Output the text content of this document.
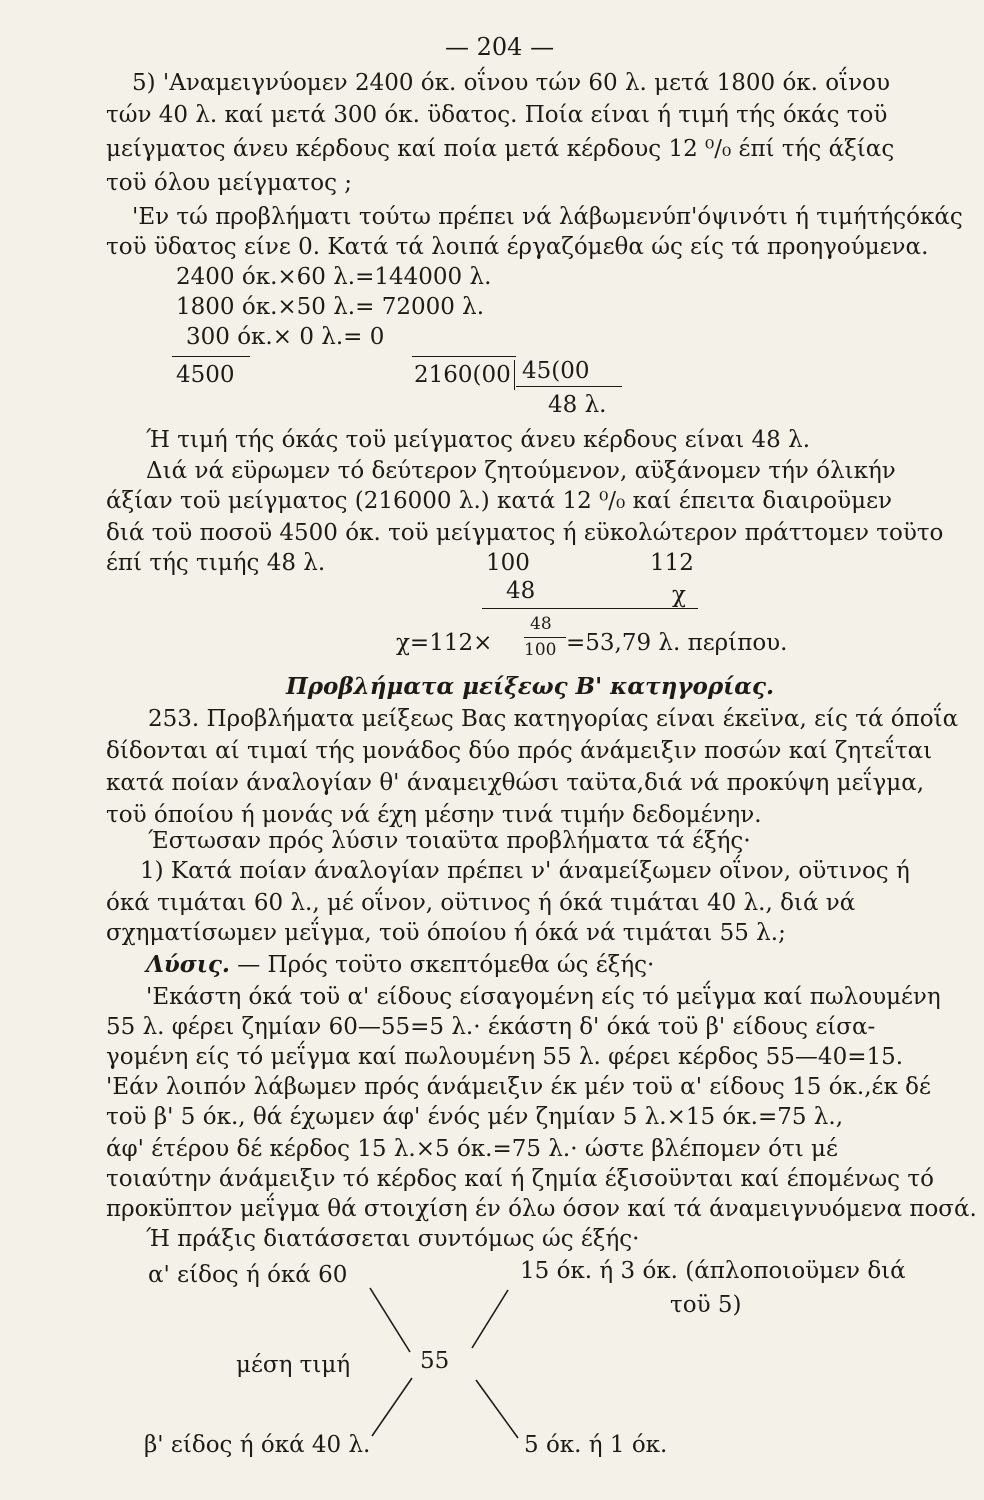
— 204 —
5) 'Αναμειγνύομεν 2400 όκ. οΐνου τών 60 λ. μετά 1800 όκ. οΐνου
τών 40 λ. καί μετά 300 όκ. ϋδατος. Ποία είναι ή τιμή τής όκάς τοϋ
μείγματος άνευ κέρδους καί ποία μετά κέρδους 12 ⁰/₀ έπί τής άξίας
τοϋ όλου μείγματος ;
'Εν τώ προβλήματι τούτω πρέπει νά λάβωμενύπ'όψινότι ή τιμήτήςόκάς
τοϋ ϋδατος είνε 0. Κατά τά λοιπά έργαζόμεθα ώς είς τά προηγούμενα.
2400 όκ.×60 λ.=144000 λ.
1800 όκ.×50 λ.= 72000 λ.
300 όκ.× 0 λ.= 0
4500	2160(00 45(00
48 λ.
Ή τιμή τής όκάς τοϋ μείγματος άνευ κέρδους είναι 48 λ.
Διά νά εϋρωμεν τό δεύτερον ζητούμενον, αϋξάνομεν τήν όλικήν
άξίαν τοϋ μείγματος (216000 λ.) κατά 12 ⁰/₀ καί έπειτα διαιροϋμεν
διά τοϋ ποσοϋ 4500 όκ. τοϋ μείγματος ή εϋκολώτερον πράττομεν τοϋτο
έπί τής τιμής 48 λ.	100	112
48	χ
χ=112×
48
100 =53,79 λ. περίπου.
Προβλήματα μείξεως Β' κατηγορίας.
253. Προβλήματα μείξεως Βας κατηγορίας είναι έκεϊνα, είς τά όποΐα
δίδονται αί τιμαί τής μονάδος δύο πρός άνάμειξιν ποσών καί ζητεΐται
κατά ποίαν άναλογίαν θ' άναμειχθώσι ταϋτα,διά νά προκύψη μεΐγμα,
τοϋ όποίου ή μονάς νά έχη μέσην τινά τιμήν δεδομένην.
Έστωσαν πρός λύσιν τοιαϋτα προβλήματα τά έξής·
1) Κατά ποίαν άναλογίαν πρέπει ν' άναμείξωμεν οΐνον, οϋτινος ή
όκά τιμάται 60 λ., μέ οΐνον, οϋτινος ή όκά τιμάται 40 λ., διά νά
σχηματίσωμεν μεΐγμα, τοϋ όποίου ή όκά νά τιμάται 55 λ.;
Λύσις. — Πρός τοϋτο σκεπτόμεθα ώς έξής·
'Εκάστη όκά τοϋ α' είδους είσαγομένη είς τό μεΐγμα καί πωλουμένη
55 λ. φέρει ζημίαν 60—55=5 λ.· έκάστη δ' όκά τοϋ β' είδους είσα-
γομένη είς τό μεΐγμα καί πωλουμένη 55 λ. φέρει κέρδος 55—40=15.
'Εάν λοιπόν λάβωμεν πρός άνάμειξιν έκ μέν τοϋ α' είδους 15 όκ.,έκ δέ
τοϋ β' 5 όκ., θά έχωμεν άφ' ένός μέν ζημίαν 5 λ.×15 όκ.=75 λ.,
άφ' έτέρου δέ κέρδος 15 λ.×5 όκ.=75 λ.· ώστε βλέπομεν ότι μέ
τοιαύτην άνάμειξιν τό κέρδος καί ή ζημία έξισοϋνται καί έπομένως τό
προκϋπτον μεΐγμα θά στοιχίση έν όλω όσον καί τά άναμειγνυόμενα ποσά.
Ή πράξις διατάσσεται συντόμως ώς έξής·
α' είδος ή όκά 60	15 όκ. ή 3 όκ. (άπλοποιοϋμεν διά
τοϋ 5)
μέση τιμή	55
β' είδος ή όκά 40 λ.	5 όκ. ή 1 όκ.
